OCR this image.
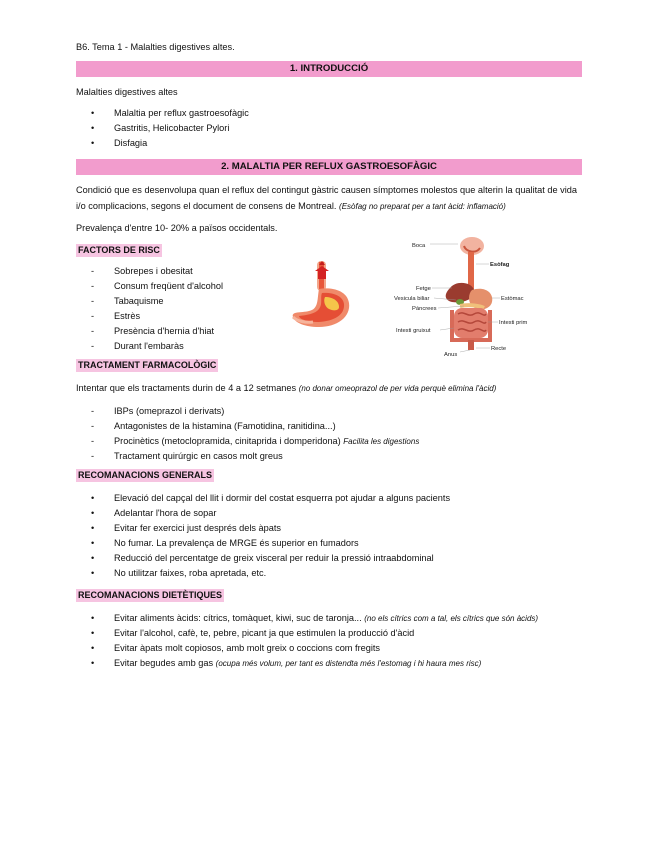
B6. Tema 1 - Malalties digestives altes.
1. INTRODUCCIÓ
Malalties digestives altes
• Malaltia per reflux gastroesofàgic
• Gastritis, Helicobacter Pylori
• Disfagia
2. MALALTIA PER REFLUX GASTROESOFÀGIC
Condició que es desenvolupa quan el reflux del contingut gàstric causen símptomes molestos que alterin la qualitat de vida i/o complicacions, segons el document de consens de Montreal. (Esòfag no preparat per a tant àcid: inflamació)
Prevalença d'entre 10- 20% a països occidentals.
FACTORS DE RISC
- Sobrepes i obesitat
- Consum freqüent d'alcohol
- Tabaquisme
- Estrès
- Presència d'hernia d'hiat
- Durant l'embaràs
Boca
Esòfag
Fetge
Vesicula biliar	Estòmac
Páncrees
Intesti prim
Intesti gruixut
Recte
Anus
TRACTAMENT FARMACOLÒGIC
Intentar que els tractaments durin de 4 a 12 setmanes (no donar omeoprazol de per vida perquè elimina l'àcid)
- IBPs (omeprazol i derivats)
- Antagonistes de la histamina (Famotidina, ranitidina...)
- Procinètics (metoclopramida, cinitaprida i domperidona) Facilita les digestions
- Tractament quirúrgic en casos molt greus
RECOMANACIONS GENERALS
• Elevació del capçal del llit i dormir del costat esquerra pot ajudar a alguns pacients
• Adelantar l'hora de sopar
• Evitar fer exercici just després dels àpats
• No fumar. La prevalença de MRGE és superior en fumadors
• Reducció del percentatge de greix visceral per reduir la pressió intraabdominal
• No utilitzar faixes, roba apretada, etc.
RECOMANACIONS DIETÈTIQUES
• Evitar aliments àcids: cítrics, tomàquet, kiwi, suc de taronja... (no els cítrics com a tal, els cítrics que són àcids)
• Evitar l'alcohol, cafè, te, pebre, picant ja que estimulen la producció d'àcid
• Evitar àpats molt copiosos, amb molt greix o coccions com fregits
• Evitar begudes amb gas (ocupa més volum, per tant es distendta més l'estomag i hi haura mes risc)
